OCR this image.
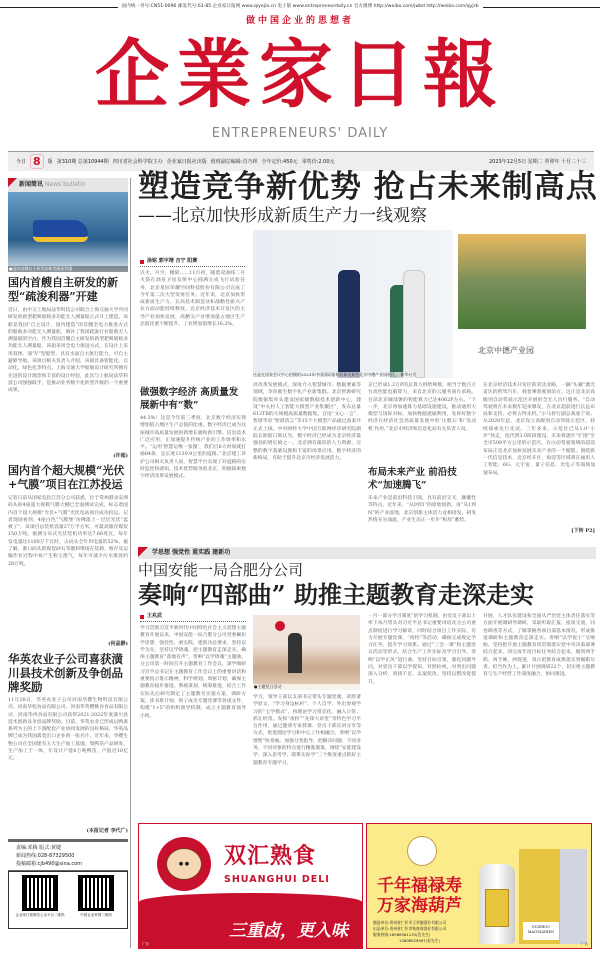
国内统一刊号:CN51-0096 邮发代号:61-85 企业家日报网 www.qiyejia.cn 电子版 www.entrepreneurdaily.cn 官方微博 http://weibo.com/jwbd http://weibo.com/qyjrb
做中国企业的思想者
企業家日報
ENTREPRENEURS' DAILY
今日 8	版 第310期 总第10944期 四川省社会科学院主办 企业家日报社出版 值班副总编辑:肖乃林 全年定价:450元 零售价:2.00元	2023年12月5日 星期二 癸卯年 十月二十三
新闻简讯 News bulletin
●国内首艘自主研发的新型疏浚利器
国内首艘自主研发的新型“疏浚利器”开建
近日，由中交上航局法华科技公司联合上海交通大学共同研发的新型耙吸船载多功能无人测量船正式开工建造。该船是我国“自主设计、国内建造”的首艘全电力推进方式的船载多功能无人测量船，填补了我国疏浚行业船载无人测量船的空白。作为我国首艘自主研发的新型耙吸船载多功能无人测量船，该船采用全电力推进方式，在设计上采用双体、深“V”型船型，具有水面自主航行能力，可自主避障导航。该项目相关负责人介绍，该船具备智能化、自动化、绿色化等特点。上海交通大学船舶设计研究所拥有先进的设计理念和丰富的设计经验，此次与上航局法华科技公司强强联手，是推动业务数字化转型升级的一个重要成果。
(许超)
国内首个超大规模“光伏+气膜”项目在江苏投运
记者日前从国家电投江苏分公司获悉，位于常州港录安洲码头的4座超大规模气膜大棚已全面测试完成，标志着国内首个超大规模“光伏+气膜”光伏电站项目成功投运。记者现场看到，4座白色“气膜堡”仿佛落上一层层光伏“蓝被子”，该项目总装机容量27万平方米，可最高储存煤炭150万吨。据测分布式光伏装机功率达7.66兆瓦，每年发电量达1100万千瓦时，占码头全年用电量的52%。据了解，港口码头的煤炭砂石等散料堆场在装卸、堆存及运输作业过程中易产生粉尘废气，每年可减少污水排放约28万吨。
(何晶静)
华英农业子公司喜获潢川县技术创新及争创品牌奖励
11月28日，华英农业子公司河南华樱生物科技有限公司、河南华旭食品有限公司、河南华英樱桃谷食品有限公司、河南华冉食品有限公司获得2021-2022年度潢川县技术创新及争创品牌奖励。目前，华英农业已形成以鸭禽系列为主的上下游配套产业协同发展的良好格局，华英品牌已成为我国禽类出口企业的一张名片。近年来，华樱生物公司在全国建有五大生产加工基地，集鸭苗产品研发、生产加工于一体，年设计产能6万吨鸭苗，产值近10亿元。
(本报记者 李代广)
责编:邓梅 版式:黄键
新闻热线:028-87329500
投稿邮箱:cjb490@sina.com
企业家日报微信公众平台二维码	中国企业家网二维码
塑造竞争新优势 抢占未来制高点
——北京加快形成新质生产力一线观察
涂铭 郭宇靖 吉宁 阳赛
点火、升空、精陨……11月初，随着双曲线二号火箭在酒泉卫星发射中心圆满完成飞行试验任务，北京星际荣耀空间科技股份有限公司完成了今年第二次大型发射任务。近年来，北京加快形成新质生产力，在高技术制造业和战略性新兴产业方面动能持续释放。北京经济技术开发区的主导产业加快发展，高精尖产业增加值占地区生产总值比重不断提升，工业增加值增长16.2%。
北京中德产业园
这是在国家会议中心拍摄的2023年中国国际服务贸易交易会北京中德产业园展区。 新华社发
做强数字经济 高质量发展新中有“数”
44.3%！这是今年前三季度，北京数字经济实现增加值占地区生产总值的比重。数字经济已成为这座城市高质量发展的新增长极和新引擎。信息技术广泛应用，正加速提升传统产业的工作效率和水平。“运用‘智慧运维一张图’，我们自6大时间就打通84条、总长度1130.9公里的道路。”北京建工养护公司相关负责人说，智慧平台实现了对道路的实时监控和感知。技术优势服务的北京，积极探索数字经济改革发展模式。
济改革发展模式，深度介入智慧城市、数据要素等领域，孕育催生数字化产业新集群。北京智源研究院数据集牵头建设国家级数据技术创新中心，建设“中关村人工智能大模型产业集聚区”，发布总量612TB的大规模高质量数据集。百度“文心一言”、智谱华章“智谱清言”等15个大模型产品通过备案并正式上线。中央财经大学中国互联网经济研究院副院长欧阳日辉认为，数字经济已经成为北京经济最强劲的增长极之一。北京拥有雄厚的人力资源、完整的数字基础设施和丰富的场景应用。数字经济的新格局，有助于提升北京市经济发展活力。
京已形成1.2万P的总算力供给规模，相当于数百万台高性能电脑算力，来自北京的云服务商在承载。目前北京城部署的智能算力已达4062P左右。“下一步，北京将加速算力基础设施建设，推动通用大模型与国际对标，加快数据流通利用，发挥好数字经济在经济社会高质量发展中的‘压舱石’和‘发动机’作用。”北京市经济和信息化局有关负责人说。
布局未来产业 前沿技术“加速腾飞”
未来产业是前沿科技引领，具有前沿交叉、颠覆性等特点。近年来，“从0到1”的原始创新，再“从1到N”的产业落地，北京创新主体活力竞相迸发，研发热情充分涌流，产业生态正一步步“积厚”蓄势。
在北京经济技术开发区的荣达北路，一辆“头戴”激光雷达的智驾汽车，载着乘客驶领前方。这正是北京高级别自动驾驶示范区开展的全无人出行服务。“自动驾驶将在未来数年迎来爆发，在北京超前进行长远布局和支持，必将占得先机。”小马智行副总裁张宁说。从2020年起，北京设立高级别自动驾驶示范区，持续探索先行先试。三年多来，示范区已从1.0“小步”快走，迭代到3.0阶段建设，未来将逐步“扩围”至全市500平方公里的示范区。在白动驾驶领域的超前布局正是北京加快发展未来产业的一个缩影。围绕新一代信息技术、北京经开区、海淀等区域将在通用人工智能、6G、元宇宙、量子信息、光电子等领域加速布局。
[下转 P2]
学思想 强党性 重实践 建新功
中国安能一局合肥分公司
奏响“四部曲” 助推主题教育走深走实
王兆武
学习贯彻习近平新时代中国特色社会主义思想主题教育开展以来，中国安能一局合肥分公司党委紧扣学思想、强党性、重实践、建新功总要求，坚持以学为先，坚持以学铸魂，把主题教育走深走实，确保主题教育“落地有声”。奏响“以学铸魂”主题曲。分公司第一时间召开主题教育工作会议，深学细研习近平总书记在主题教育工作会议上的重要讲话和重要指示批示精神，科学规划、周密计划，确保主题教育稳步推进。系统谋划、统筹推进，结合工作实际先后研究制定了主题教育实施方案、调研方案、读书班计划、班子成员专题党课等各项文件，构建“1+5”的组织领导机制，成立主题教育领导小组。
●主题党日活动
学习，领导干部以支部书记带头专题党课，读原著学原文、“学习身边标杆”、个人自学、外出参观学习的“七学模式”，将理论学习常态化、融入日常、抓在经常。发挥“夜校”“先锋大讲堂”等特色学习平台作用，通过邀请专家授课、党员干部宣讲分享等方式，促进理论学习和中心工作相融合。奏响“以学增智”协奏曲。加强分类指导，把解决问题、不同业务、不同对象的特点进行精准施策，围绕“安能建设学、深入思考学、联系实际学”三个维度重点抓好主题教育专题学习。
一月一部分学习制度”的学习机制，由党员干部以上率下每月带头对习近平总书记重要讲话及分公司重点制度进行学习解读，同时结合项目工作实际，有力开展专题党课，“夜校”等活动，确保完成规定学习任务，提升学习效果。通过“三会一课”和主题党日活动等形式，结合生产工作实际及学习引导。奏响“以学正风”进行曲。坚持目标引领，强化问题导向，对党员干部以学促知、对照检视，对突出问题深入分析，查找不足，以案促改，坚持以整改促提升。
开展、人才队伍建设和全面从严治党主体责任落实等方面开展调研导调研，采取听取汇报、座谈交流、问卷调查等方式，了解掌握各项目部基本情况，形成推进调研和主题教育走深走实。奏响“以学促干”交响曲。坚持把开展主题教育同贯彻落实党中央决策部署结合起来，同完成年度目标任务结合起来，做到两手抓、两手硬、两促进，真正把教育成果落实到履职尽责、担当作为上。累计开展调研22个，切实将主题教育与生产经营工作深度融合、协同推进。
● ●	双汇熟食
SHUANGHUI DELI
三重卤，更入味
广告
千年福禄寿
万家海葫芦
酿造单位:贵州省仁怀市王茅酿酒业有限公司
出品单位:贵州省仁怀市秋康春酒业有限公司
服务热线:18586361133(沈先生)
13608529997(张先生)
GUIZHOU MAOTAIZHEN
广告
